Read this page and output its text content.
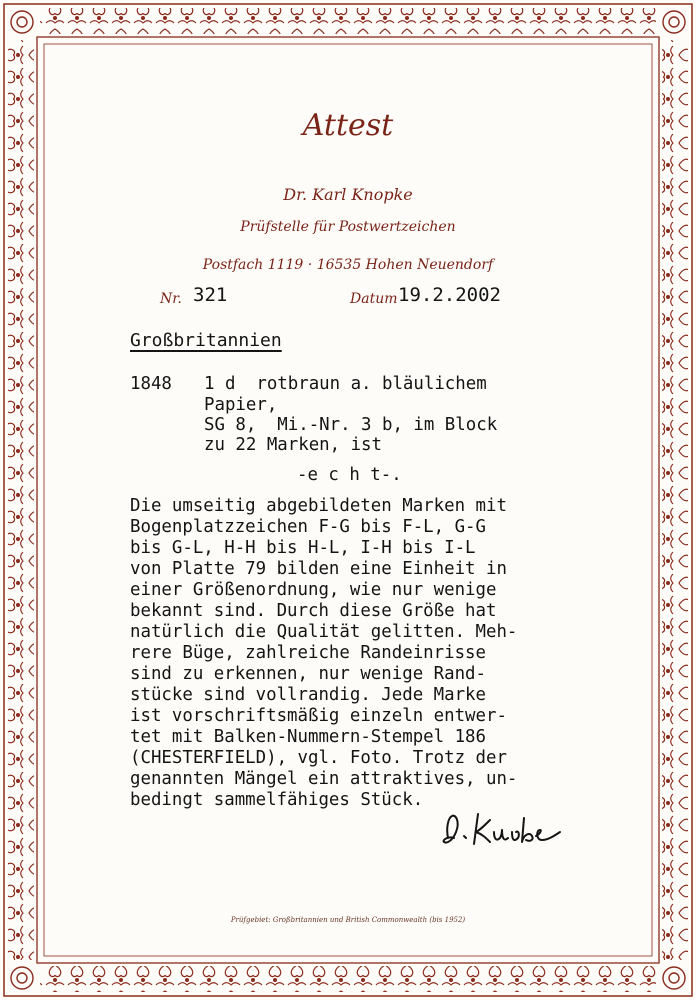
Attest
Dr. Karl Knopke
Prüfstelle für Postwertzeichen
Postfach 1119 · 16535 Hohen Neuendorf
Nr. 321	Datum 19.2.2002
Großbritannien
1848 1 d  rotbraun a. bläulichem
Papier,
SG 8,  Mi.-Nr. 3 b, im Block
zu 22 Marken, ist
-e c h t-.
Die umseitig abgebildeten Marken mit
Bogenplatzzeichen F-G bis F-L, G-G
bis G-L, H-H bis H-L, I-H bis I-L
von Platte 79 bilden eine Einheit in
einer Größenordnung, wie nur wenige
bekannt sind. Durch diese Größe hat
natürlich die Qualität gelitten. Meh-
rere Büge, zahlreiche Randeinrisse
sind zu erkennen, nur wenige Rand-
stücke sind vollrandig. Jede Marke
ist vorschriftsmäßig einzeln entwer-
tet mit Balken-Nummern-Stempel 186
(CHESTERFIELD), vgl. Foto. Trotz der
genannten Mängel ein attraktives, un-
bedingt sammelfähiges Stück.
Prüfgebiet: Großbritannien und British Commonwealth (bis 1952)
